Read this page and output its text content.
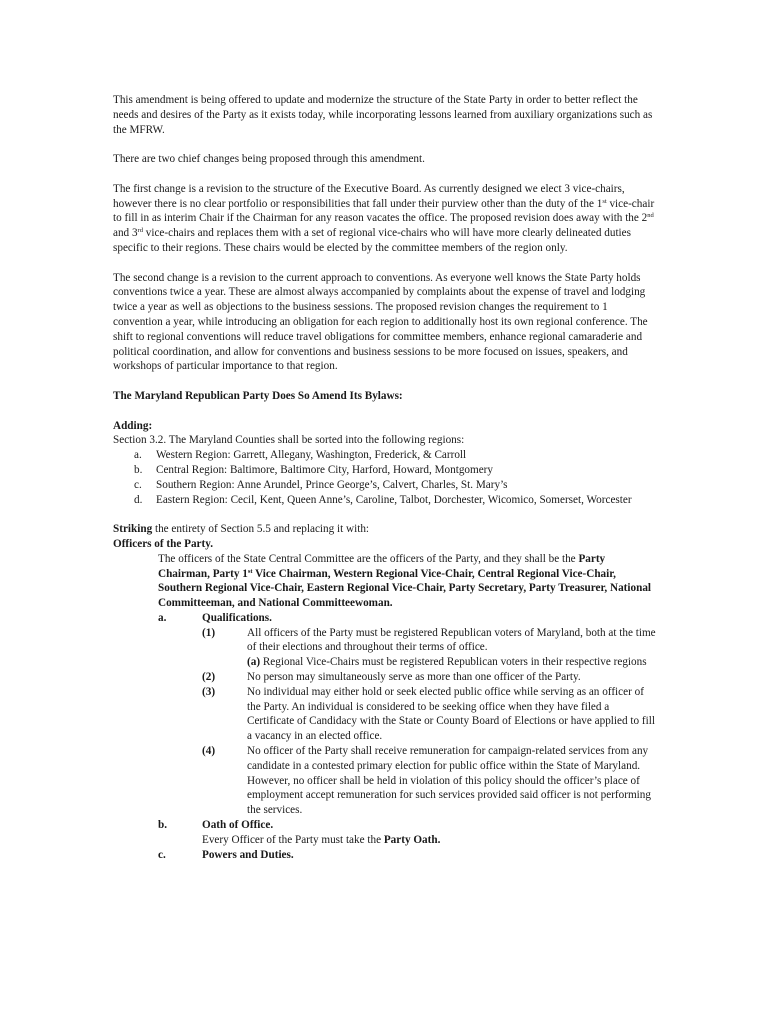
This amendment is being offered to update and modernize the structure of the State Party in order to better reflect the needs and desires of the Party as it exists today, while incorporating lessons learned from auxiliary organizations such as the MFRW.

There are two chief changes being proposed through this amendment.

The first change is a revision to the structure of the Executive Board. As currently designed we elect 3 vice-chairs, however there is no clear portfolio or responsibilities that fall under their purview other than the duty of the 1st vice-chair to fill in as interim Chair if the Chairman for any reason vacates the office. The proposed revision does away with the 2nd and 3rd vice-chairs and replaces them with a set of regional vice-chairs who will have more clearly delineated duties specific to their regions. These chairs would be elected by the committee members of the region only.

The second change is a revision to the current approach to conventions. As everyone well knows the State Party holds conventions twice a year. These are almost always accompanied by complaints about the expense of travel and lodging twice a year as well as objections to the business sessions. The proposed revision changes the requirement to 1 convention a year, while introducing an obligation for each region to additionally host its own regional conference. The shift to regional conventions will reduce travel obligations for committee members, enhance regional camaraderie and political coordination, and allow for conventions and business sessions to be more focused on issues, speakers, and workshops of particular importance to that region.

The Maryland Republican Party Does So Amend Its Bylaws:

Adding:

Section 3.2. The Maryland Counties shall be sorted into the following regions:

a. Western Region: Garrett, Allegany, Washington, Frederick, & Carroll
b. Central Region: Baltimore, Baltimore City, Harford, Howard, Montgomery
c. Southern Region: Anne Arundel, Prince George’s, Calvert, Charles, St. Mary’s
d. Eastern Region: Cecil, Kent, Queen Anne’s, Caroline, Talbot, Dorchester, Wicomico, Somerset, Worcester

Striking the entirety of Section 5.5 and replacing it with:

Officers of the Party.

The officers of the State Central Committee are the officers of the Party, and they shall be the Party Chairman, Party 1st Vice Chairman, Western Regional Vice-Chair, Central Regional Vice-Chair, Southern Regional Vice-Chair, Eastern Regional Vice-Chair, Party Secretary, Party Treasurer, National Committeeman, and National Committeewoman.

a.	Qualifications.
(1)	All officers of the Party must be registered Republican voters of Maryland, both at the time of their elections and throughout their terms of office.
(a) Regional Vice-Chairs must be registered Republican voters in their respective regions
(2)	No person may simultaneously serve as more than one officer of the Party.
(3)	No individual may either hold or seek elected public office while serving as an officer of the Party. An individual is considered to be seeking office when they have filed a Certificate of Candidacy with the State or County Board of Elections or have applied to fill a vacancy in an elected office.
(4)	No officer of the Party shall receive remuneration for campaign-related services from any candidate in a contested primary election for public office within the State of Maryland. However, no officer shall be held in violation of this policy should the officer’s place of employment accept remuneration for such services provided said officer is not performing the services.
b.	Oath of Office.
Every Officer of the Party must take the Party Oath.
c.	Powers and Duties.
